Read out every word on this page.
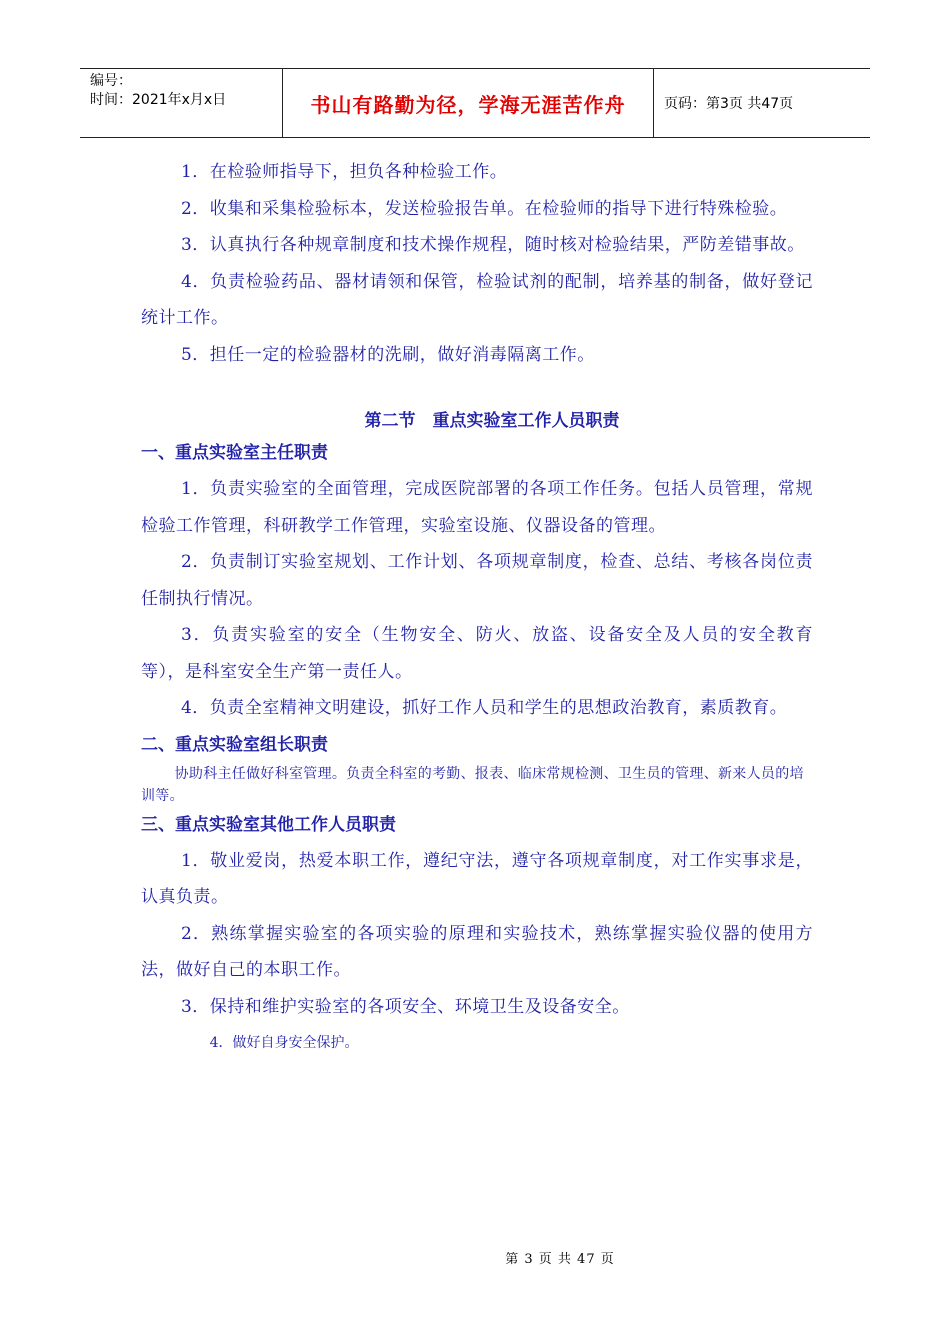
编号：
时间：2021年x月x日	书山有路勤为径，学海无涯苦作舟	页码：第3页 共47页

1．在检验师指导下，担负各种检验工作。

2．收集和采集检验标本，发送检验报告单。在检验师的指导下进行特殊检验。

3．认真执行各种规章制度和技术操作规程，随时核对检验结果，严防差错事故。

4．负责检验药品、器材请领和保管，检验试剂的配制，培养基的制备，做好登记统计工作。

5．担任一定的检验器材的洗刷，做好消毒隔离工作。

第二节　重点实验室工作人员职责
一、重点实验室主任职责

1．负责实验室的全面管理，完成医院部署的各项工作任务。包括人员管理，常规检验工作管理，科研教学工作管理，实验室设施、仪器设备的管理。

2．负责制订实验室规划、工作计划、各项规章制度，检查、总结、考核各岗位责任制执行情况。

3．负责实验室的安全（生物安全、防火、放盗、设备安全及人员的安全教育等），是科室安全生产第一责任人。

4．负责全室精神文明建设，抓好工作人员和学生的思想政治教育，素质教育。

二、重点实验室组长职责

协助科主任做好科室管理。负责全科室的考勤、报表、临床常规检测、卫生员的管理、新来人员的培训等。

三、重点实验室其他工作人员职责

1．敬业爱岗，热爱本职工作，遵纪守法，遵守各项规章制度，对工作实事求是，认真负责。

2．熟练掌握实验室的各项实验的原理和实验技术，熟练掌握实验仪器的使用方法，做好自己的本职工作。

3．保持和维护实验室的各项安全、环境卫生及设备安全。

4．做好自身安全保护。

第 3 页 共 47 页
